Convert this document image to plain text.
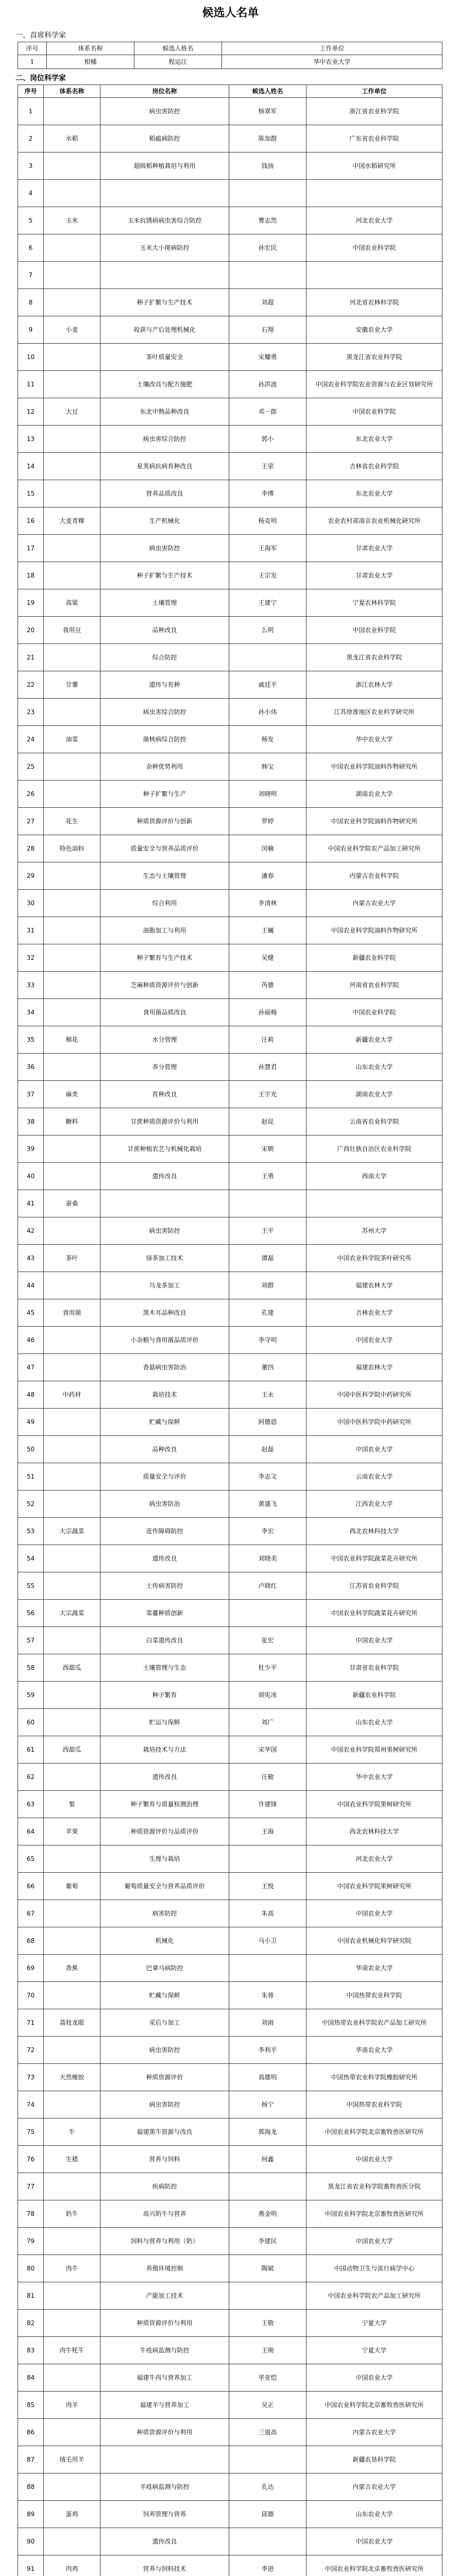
候选人名单
一、首席科学家
序号	体系名称	候选人姓名	工作单位
1	柑橘	程运江	华中农业大学
二、岗位科学家
序号	体系名称	岗位名称	候选人姓名	工作单位
1		病虫害防控	杨翠军	浙江省农业科学院
2	水稻	稻瘟病防控	陈加群	广东省农业科学院
3		超级稻种植栽培与利用	钱扬	中国水稻研究所
4				
5	玉米	玉米抗锈病病虫害综合防控	曹志然	河北农业大学
6		玉米大小斑病防控	孙宏民	中国农业科学院
7				
8		种子扩繁与生产技术	刘超	河北省农林科学院
9	小麦	收获与产后处理机械化	石翔	安徽农业大学
10		茶叶质量安全	宋耀勇	黑龙江省农业科学院
11		土壤改良与配方施肥	孙洪波	中国农业科学院农业资源与农业区划研究所
12	大豆	东北中熟品种改良	邓一郎	中国农业科学院
13		病虫害综合防控	郭小	东北农业大学
14		星荚病抗病育种改良	王荣	吉林省农业科学院
15		营养品质改良	李博	东北农业大学
16	大麦青稞	生产机械化	杨克明	农业农村部南京农业机械化研究所
17		病虫害防控	王海军	甘肃农业大学
18		种子扩繁与生产技术	王宗发	甘肃农业大学
19	高粱	土壤管理	王建宁	宁夏农林科学院
20	食用豆	品种改良	么明	中国农业科学院
21		综合防控		黑龙江省农业科学院
22	甘薯	遗传与育种	戚廷平	浙江农林大学
23		病虫害综合防控	孙小伟	江苏徐淮地区农业科学研究所
24	油菜	菌核病综合防控	杨发	华中农业大学
25		杂种优势利用	韩宝	中国农业科学院油料作物研究所
26		种子扩繁与生产	刘晓明	湖南农业大学
27	花生	种质资源评价与创新	罗婷	中国农业科学院油料作物研究所
28	特色油料	质量安全与营养品质评价	闵楠	中国农业科学院农产品加工研究所
29		生态与土壤管理	潘春	内蒙古农业科学院
30		综合利用	李清林	内蒙古农业大学
31		油脂加工与利用	王巍	中国农业科学院油料作物研究所
32		种子繁育与生产技术	吴健	新疆农业科学院
33		芝麻种质资源评价与创新	芮德	河南省农业科学院
34		食用菌品质改良	孙丽梅	中国农业科学院
35	棉花	水分管理	汪莉	新疆农业大学
36		养分管理	孙慧君	山东农业大学
37	麻类	育种改良	王宇光	湖南农业大学
38	糖料	甘蔗种质资源评价与利用	赵昆	云南省农业科学院
39		甘蔗种植农艺与机械化栽培	宋朝	广西壮族自治区农业科学院
40		遗传改良	王勇	西南大学
41	蚕桑			
42		病虫害防控	王平	苏州大学
43	茶叶	绿茶加工技术	谭磊	中国农业科学院茶叶研究所
44		乌龙茶加工	刘群	福建农林大学
45	食用菌	黑木耳品种改良	孔建	吉林农业大学
46		小杂粮与食用菌品质评价	李守明	中国农业大学
47		香菇病虫害防治	董四	福建农林大学
48	中药材	栽培技术	王永	中国中医科学院中药研究所
49		贮藏与保鲜	阿德恩	中国中医科学院中药研究所
50		品种改良	赵磊	中国农业大学
51		质量安全与评价	李志文	云南农业大学
52		病虫害防治	黄盛飞	江西农业大学
53	大宗蔬菜	连作障碍防控	李宏	西北农林科技大学
54		遗传改良	刘晓美	中国农业科学院蔬菜花卉研究所
55		土传病害防控	卢晓红	江苏省农业科学院
56	大宗蔬菜	菜薹种质创新		中国农业科学院蔬菜花卉研究所
57		白菜遗传改良	张宏	中国农业大学
58	西甜瓜	土壤管理与生态	杜少平	甘肃省农业科学院
59		种子繁育	胡宪冰	新疆农业科学院
60		贮运与保鲜	刘广	山东农业大学
61	西甜瓜	栽培技术与方法	宋华国	中国农业科学院郑州果树研究所
62		遗传改良	汪敏	华中农业大学
63	梨	种子繁育与质量检测治理	许建锋	中国农业科学院果树研究所
64	苹果	种质资源评价与品质评价	王海	西北农林科技大学
65		生理与栽培		河北农业大学
66	葡萄	葡萄质量安全与营养品质评价	王悦	中国农业科学院果树研究所
67		病害防控	朱高	中国农业大学
68		机械化	马小卫	中国农业机械化科学研究院
69	香蕉	巴拿马病防控		华南农业大学
70		贮藏与保鲜	朱蓉	中国热带农业科学院
71	荔枝龙眼	采后与加工	刘雨	中国热带农业科学院农产品加工研究所
72		病虫害防控	李利平	华南农业大学
73	天然橡胶	种质资源评价	高雄明	中国热带农业科学院橡胶研究所
74		病虫害防控	杨宁	中国热带农业科学院
75	牛	福建黑牛资源与改良	郭海龙	中国农业科学院北京畜牧兽医研究所
76	生猪	营养与饲料	何鑫	中国农业大学
77		疾病防控		黑龙江省农业科学院畜牧兽医分院
78	奶牛	高兴奶牛与营养	燕金明	中国农业科学院北京畜牧兽医研究所
79		饲料与营养与利用（奶）	李建民	中国农业大学
80	肉牛	养殖环境控制	陶斌	中国动物卫生与流行病学中心
81		产能加工技术		中国农业科学院农产品加工研究所
82		种质资源评价与利用	王敬	宁夏大学
83	肉牛牦牛	牛疫病监测与防控	王刚	宁夏大学
84		福建牛肉与营养加工	华亚恺	中国农业大学
85	肉羊	福建羊与营养加工	吴正	中国农业科学院北京畜牧兽医研究所
86		种质资源评价与利用	三道高	内蒙古农业大学
87	绒毛用羊			新疆农垦科学院
88		羊疫病监测与防控	孔达	内蒙古农业大学
89	蛋鸡	饲养管理与营养	邱德	山东农业大学
90		遗传改良		中国农业大学
91	肉鸡	营养与饲料技术	李进	中国农业科学院北京畜牧兽医研究所
